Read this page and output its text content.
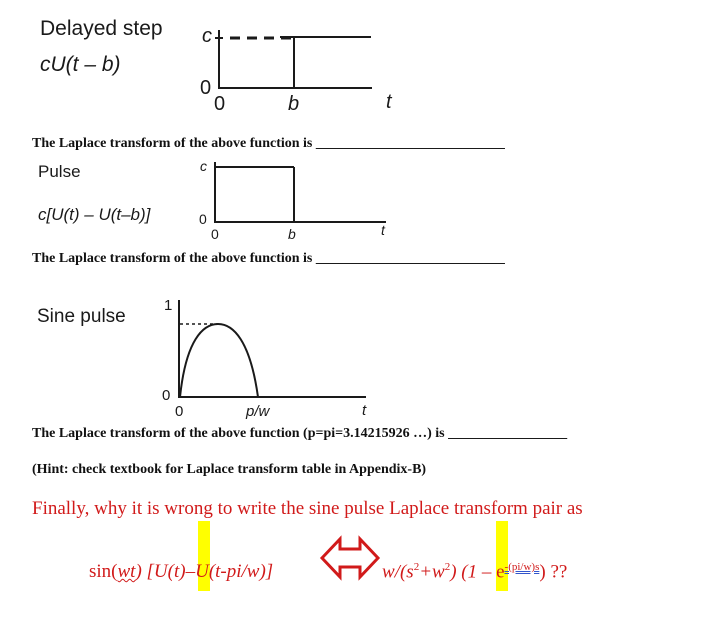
Delayed step
cU(t – b)
c
0
0	b	t
The Laplace transform of the above function is ___________________________
Pulse
c[U(t) – U(t–b)]
c
0
0	b	t
The Laplace transform of the above function is ___________________________
Sine pulse
1
0
0	p/w	t
The Laplace transform of the above function (p=pi=3.14215926 …) is _________________
(Hint: check textbook for Laplace transform table in Appendix-B)
Finally, why it is wrong to write the sine pulse Laplace transform pair as
sin(wt) [U(t)–U(t-pi/w)]	$w/(s^2+w^2)$ $(1 - e^{-(pi/w)s})$ ??
